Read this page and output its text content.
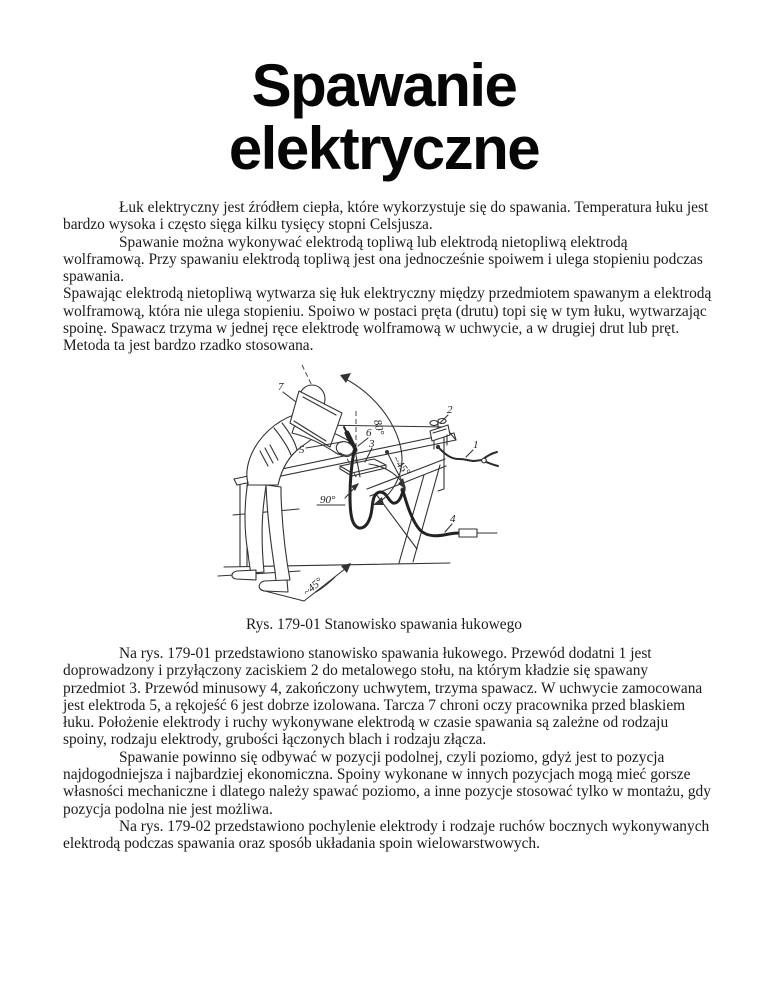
Spawanie
elektryczne

Łuk elektryczny jest źródłem ciepła, które wykorzystuje się do spawania. Temperatura łuku jest bardzo wysoka i często sięga kilku tysięcy stopni Celsjusza.

Spawanie można wykonywać elektrodą topliwą lub elektrodą nietopliwą elektrodą wolframową. Przy spawaniu elektrodą topliwą jest ona jednocześnie spoiwem i ulega stopieniu podczas spawania.

Spawając elektrodą nietopliwą wytwarza się łuk elektryczny między przedmiotem spawanym a elektrodą wolframową, która nie ulega stopieniu. Spoiwo w postaci pręta (drutu) topi się w tym łuku, wytwarzając spoinę. Spawacz trzyma w jednej ręce elektrodę wolframową w uchwycie, a w drugiej drut lub pręt. Metoda ta jest bardzo rzadko stosowana.

7
5
6
3
2
1
4
80°
~45°
90°
~45°

Rys. 179-01 Stanowisko spawania łukowego

Na rys. 179-01 przedstawiono stanowisko spawania łukowego. Przewód dodatni 1 jest doprowadzony i przyłączony zaciskiem 2 do metalowego stołu, na którym kładzie się spawany przedmiot 3. Przewód minusowy 4, zakończony uchwytem, trzyma spawacz. W uchwycie zamocowana jest elektroda 5, a rękojeść 6 jest dobrze izolowana. Tarcza 7 chroni oczy pracownika przed blaskiem łuku. Położenie elektrody i ruchy wykonywane elektrodą w czasie spawania są zależne od rodzaju spoiny, rodzaju elektrody, grubości łączonych blach i rodzaju złącza.

Spawanie powinno się odbywać w pozycji podolnej, czyli poziomo, gdyż jest to pozycja najdogodniejsza i najbardziej ekonomiczna. Spoiny wykonane w innych pozycjach mogą mieć gorsze własności mechaniczne i dlatego należy spawać poziomo, a inne pozycje stosować tylko w montażu, gdy pozycja podolna nie jest możliwa.

Na rys. 179-02 przedstawiono pochylenie elektrody i rodzaje ruchów bocznych wykonywanych elektrodą podczas spawania oraz sposób układania spoin wielowarstwowych.
